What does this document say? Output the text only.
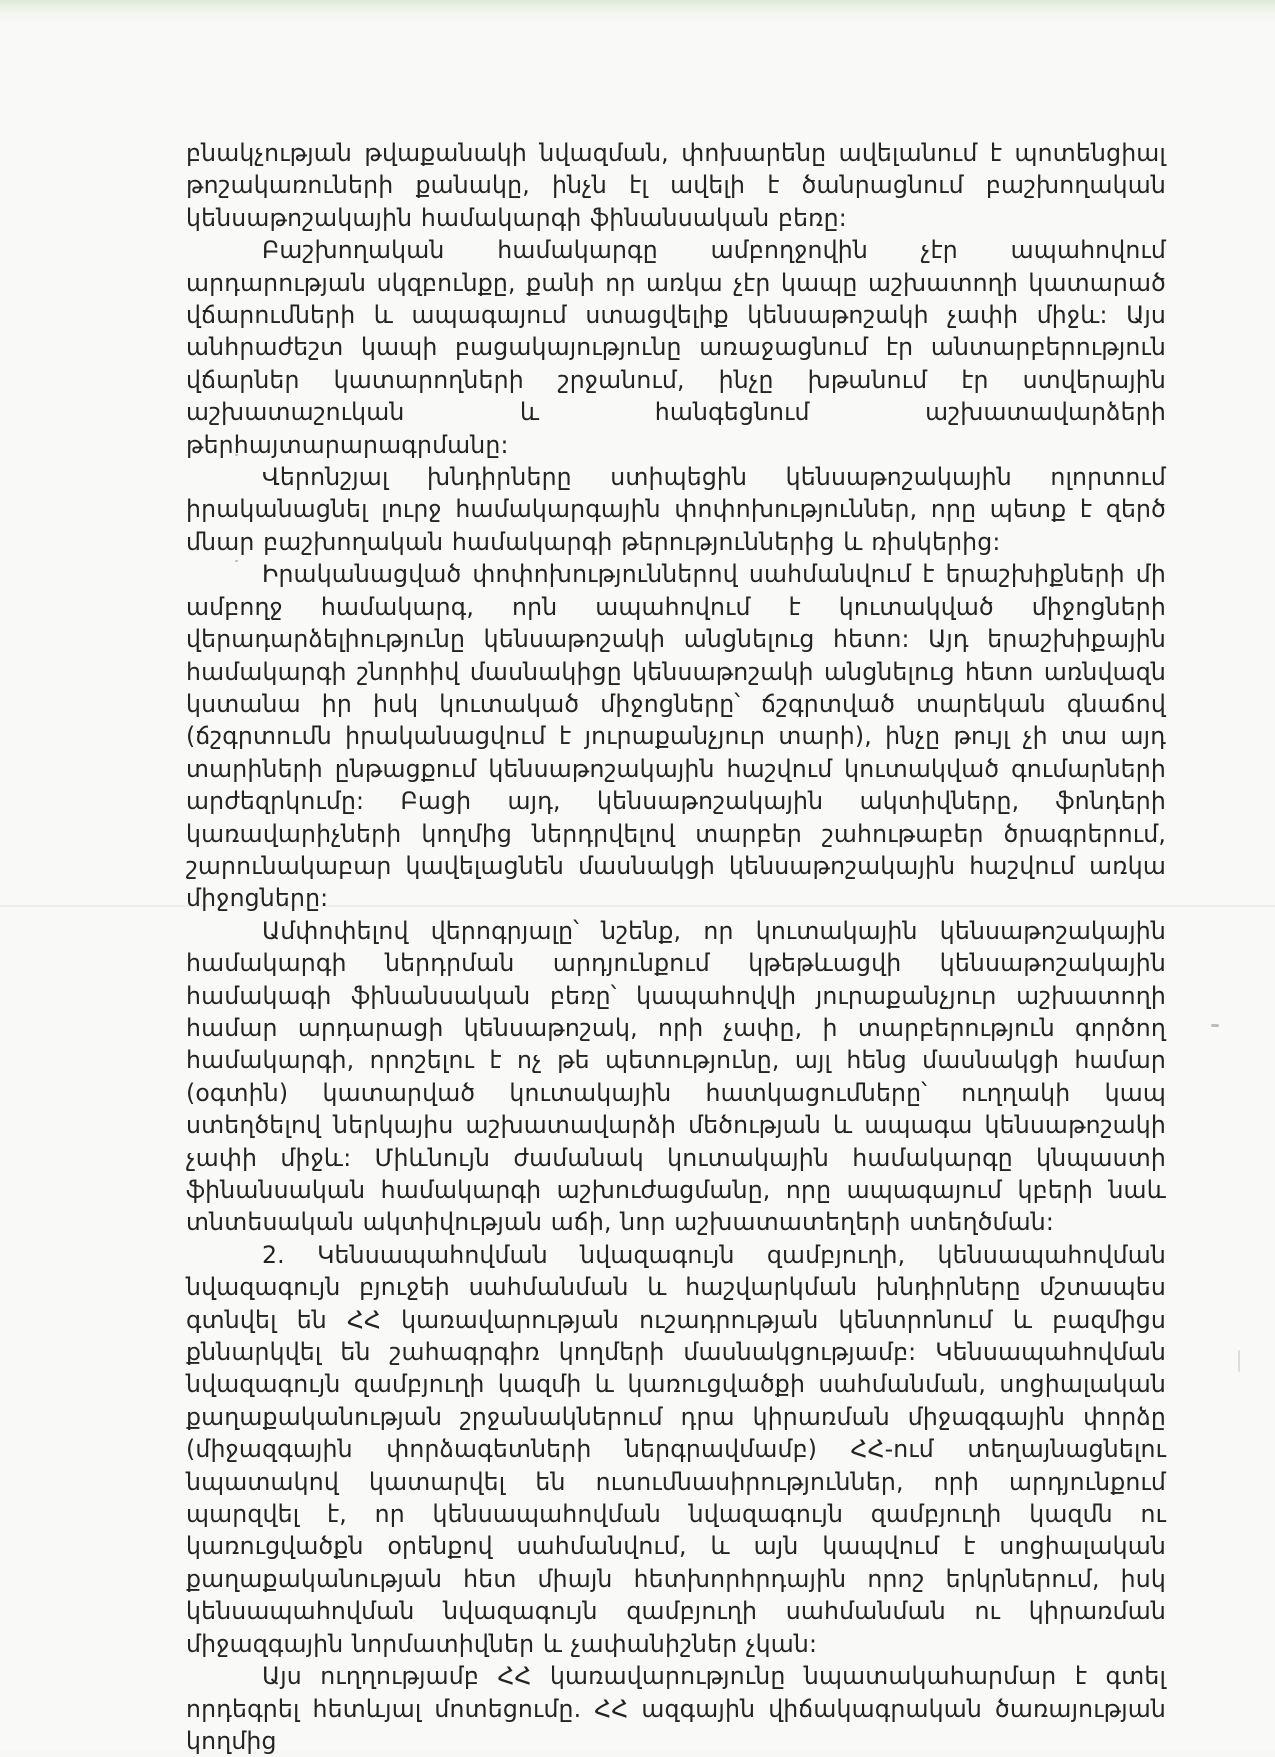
բնակչության թվաքանակի նվազման, փոխարենը ավելանում է պոտենցիալ թոշակառուների քանակը, ինչն էլ ավելի է ծանրացնում բաշխողական կենսաթոշակային համակարգի ֆինանսական բեռը:

Բաշխողական համակարգը ամբողջովին չէր ապահովում արդարության սկզբունքը, քանի որ առկա չէր կապը աշխատողի կատարած վճարումների և ապագայում ստացվելիք կենսաթոշակի չափի միջև: Այս անհրաժեշտ կապի բացակայությունը առաջացնում էր անտարբերություն վճարներ կատարողների շրջանում, ինչը խթանում էր ստվերային աշխատաշուկան և հանգեցնում աշխատավարձերի թերհայտարարագրմանը:

Վերոնշյալ խնդիրները ստիպեցին կենսաթոշակային ոլորտում իրականացնել լուրջ համակարգային փոփոխություններ, որը պետք է զերծ մնար բաշխողական համակարգի թերություններից և ռիսկերից:

Իրականացված փոփոխություններով սահմանվում է երաշխիքների մի ամբողջ համակարգ, որն ապահովում է կուտակված միջոցների վերադարձելիությունը կենսաթոշակի անցնելուց հետո: Այդ երաշխիքային համակարգի շնորհիվ մասնակիցը կենսաթոշակի անցնելուց հետո առնվազն կստանա իր իսկ կուտակած միջոցները՝ ճշգրտված տարեկան գնաճով (ճշգրտումն իրականացվում է յուրաքանչյուր տարի), ինչը թույլ չի տա այդ տարիների ընթացքում կենսաթոշակային հաշվում կուտակված գումարների արժեզրկումը: Բացի այդ, կենսաթոշակային ակտիվները, ֆոնդերի կառավարիչների կողմից ներդրվելով տարբեր շահութաբեր ծրագրերում, շարունակաբար կավելացնեն մասնակցի կենսաթոշակային հաշվում առկա միջոցները:

Ամփոփելով վերոգրյալը՝ նշենք, որ կուտակային կենսաթոշակային համակարգի ներդրման արդյունքում կթեթևացվի կենսաթոշակային համակագի ֆինանսական բեռը՝ կապահովվի յուրաքանչյուր աշխատողի համար արդարացի կենսաթոշակ, որի չափը, ի տարբերություն գործող համակարգի, որոշելու է ոչ թե պետությունը, այլ հենց մասնակցի համար (օգտին) կատարված կուտակային հատկացումները՝ ուղղակի կապ ստեղծելով ներկայիս աշխատավարձի մեծության և ապագա կենսաթոշակի չափի միջև: Միևնույն ժամանակ կուտակային համակարգը կնպաստի ֆինանսական համակարգի աշխուժացմանը, որը ապագայում կբերի նաև տնտեսական ակտիվության աճի, նոր աշխատատեղերի ստեղծման:

2. Կենսապահովման նվազագույն զամբյուղի, կենսապահովման նվազագույն բյուջեի սահմանման և հաշվարկման խնդիրները մշտապես գտնվել են ՀՀ կառավարության ուշադրության կենտրոնում և բազմիցս քննարկվել են շահագրգիռ կողմերի մասնակցությամբ: Կենսապահովման նվազագույն զամբյուղի կազմի և կառուցվածքի սահմանման, սոցիալական քաղաքականության շրջանակներում դրա կիրառման միջազգային փորձը (միջազգային փորձագետների ներգրավմամբ) ՀՀ-ում տեղայնացնելու նպատակով կատարվել են ուսումնասիրություններ, որի արդյունքում պարզվել է, որ կենսապահովման նվազագույն զամբյուղի կազմն ու կառուցվածքն օրենքով սահմանվում, և այն կապվում է սոցիալական քաղաքականության հետ միայն հետխորհրդային որոշ երկրներում, իսկ կենսապահովման նվազագույն զամբյուղի սահմանման ու կիրառման միջազգային նորմատիվներ և չափանիշներ չկան:

Այս ուղղությամբ ՀՀ կառավարությունը նպատակահարմար է գտել որդեգրել հետևյալ մոտեցումը. ՀՀ ազգային վիճակագրական ծառայության կողմից
